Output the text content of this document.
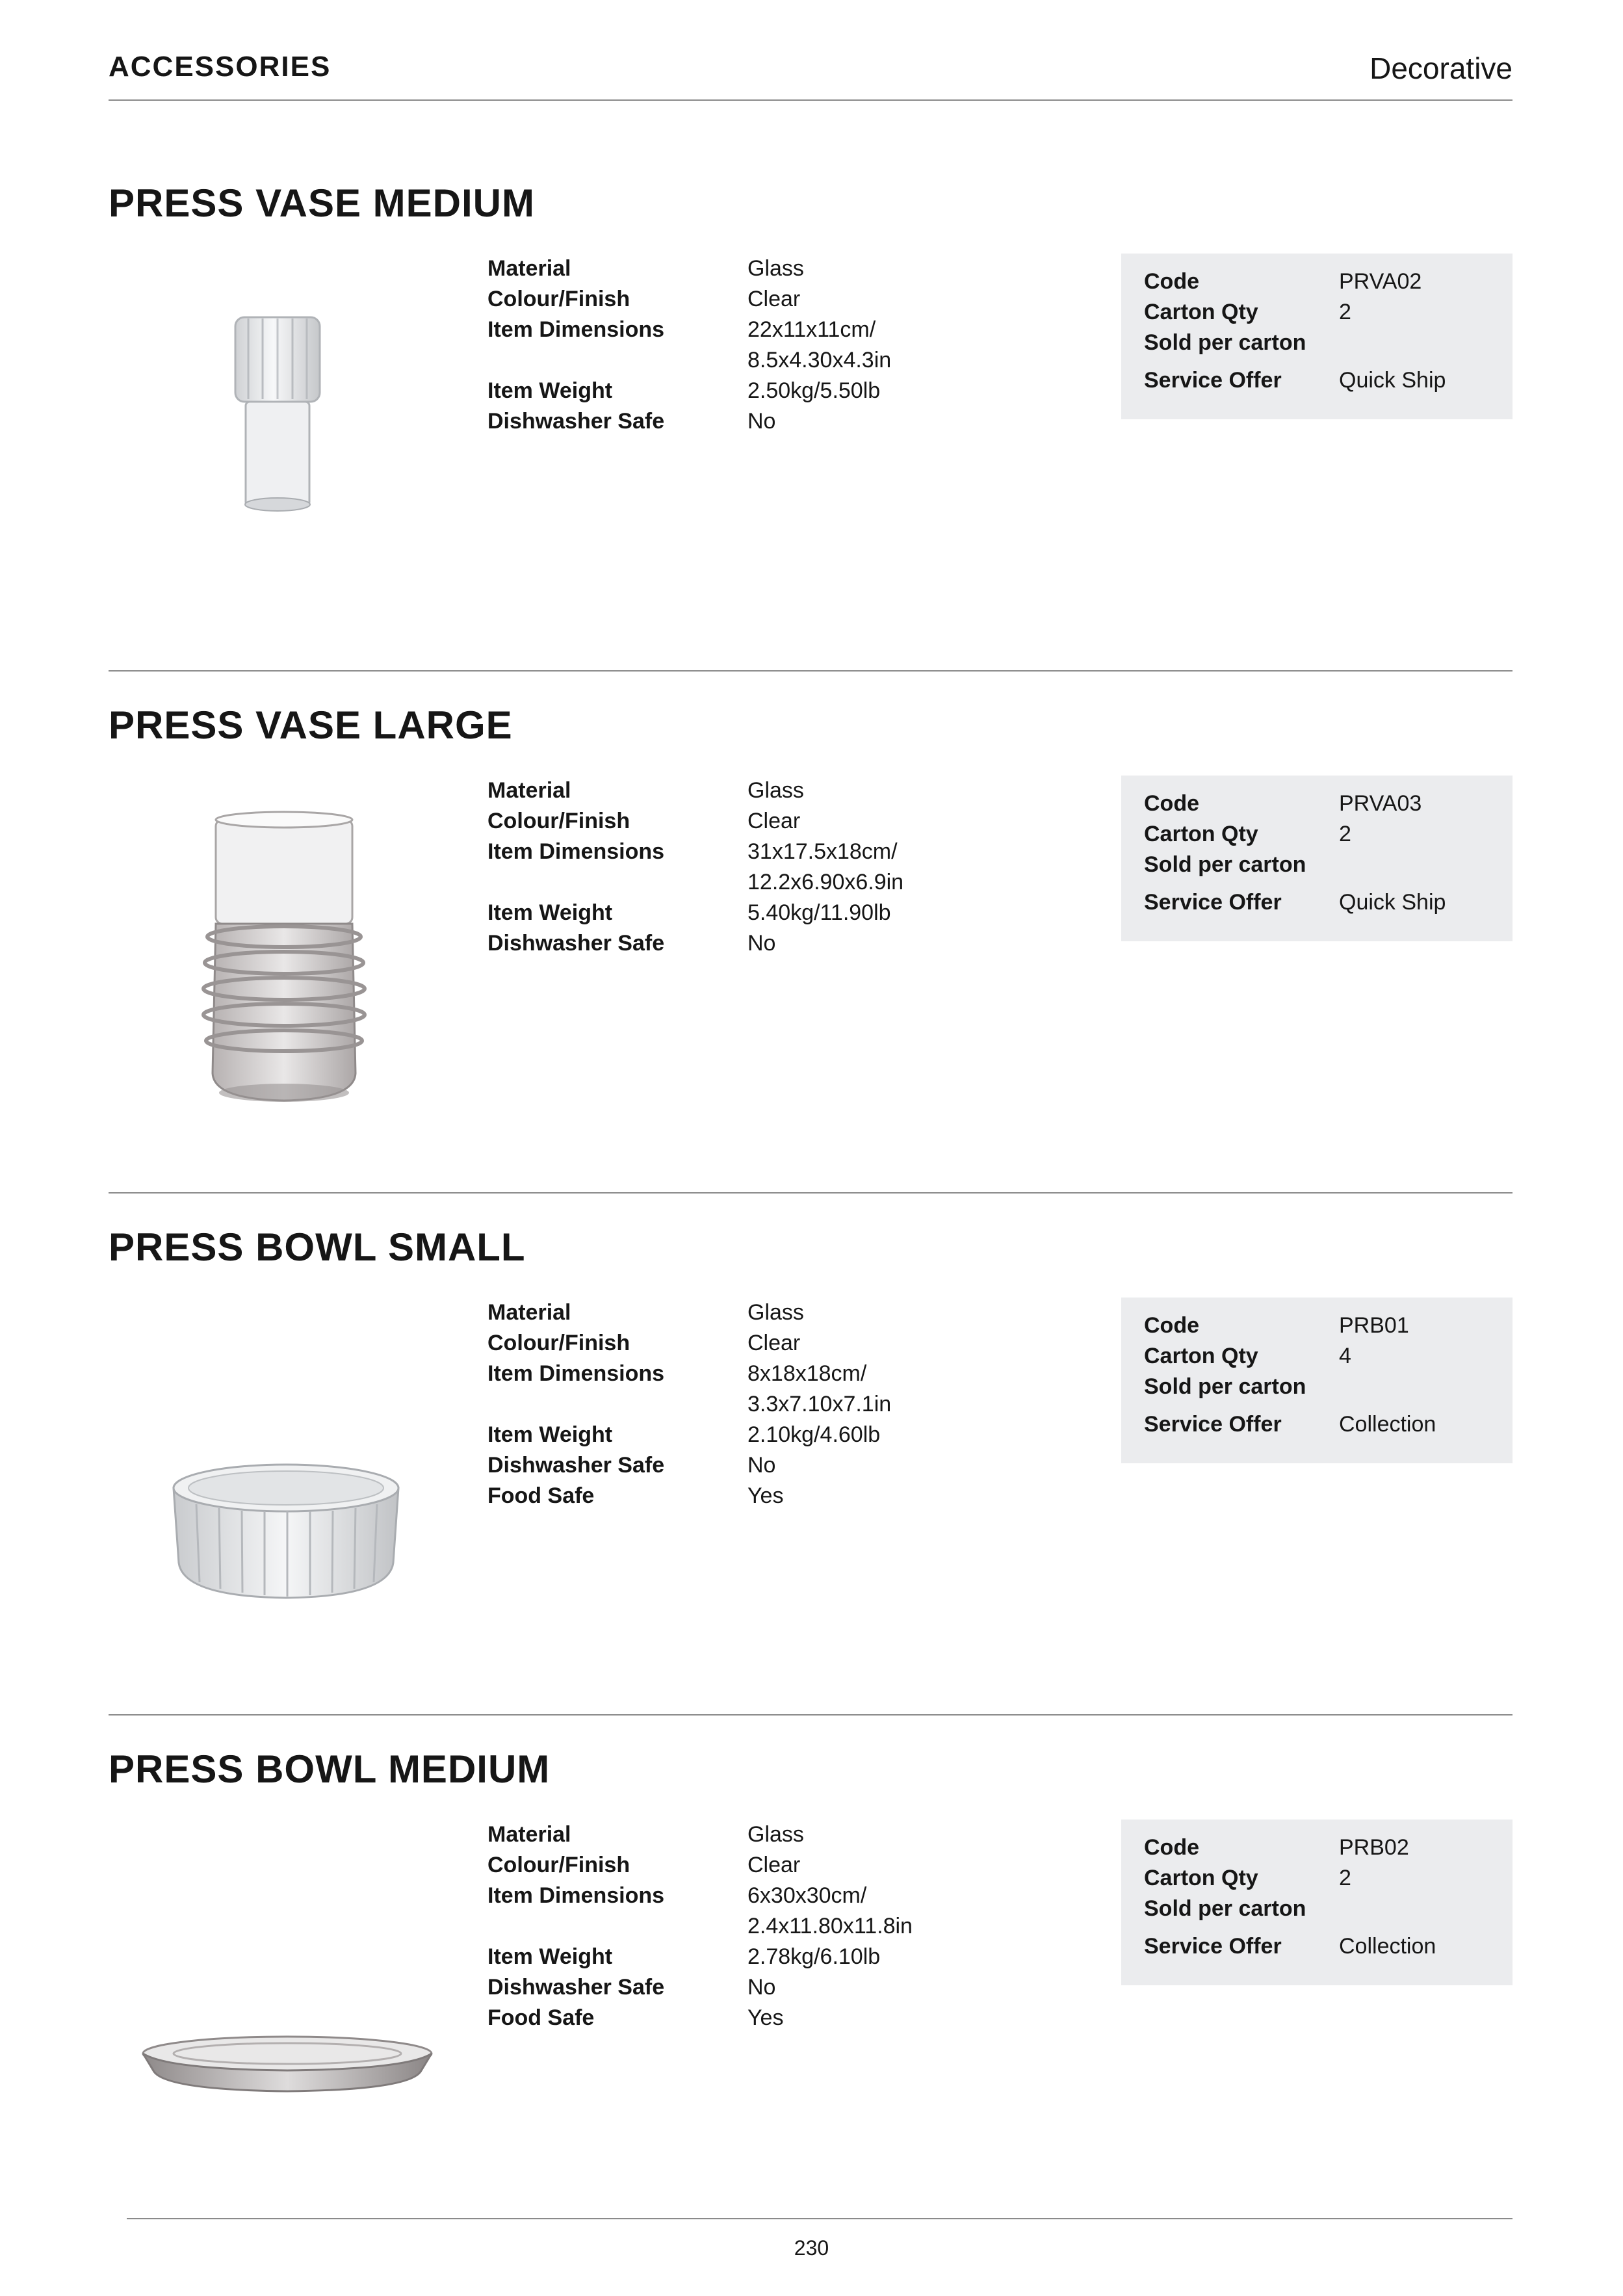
ACCESSORIES	Decorative
PRESS VASE MEDIUM
Material	Glass
Colour/Finish	Clear
Item Dimensions	22x11x11cm/
8.5x4.30x4.3in
Item Weight	2.50kg/5.50lb
Dishwasher Safe	No
Code	PRVA02
Carton Qty	2
Sold per carton
Service Offer	Quick Ship
PRESS VASE LARGE
Material	Glass
Colour/Finish	Clear
Item Dimensions	31x17.5x18cm/
12.2x6.90x6.9in
Item Weight	5.40kg/11.90lb
Dishwasher Safe	No
Code	PRVA03
Carton Qty	2
Sold per carton
Service Offer	Quick Ship
PRESS BOWL SMALL
Material	Glass
Colour/Finish	Clear
Item Dimensions	8x18x18cm/
3.3x7.10x7.1in
Item Weight	2.10kg/4.60lb
Dishwasher Safe	No
Food Safe	Yes
Code	PRB01
Carton Qty	4
Sold per carton
Service Offer	Collection
PRESS BOWL MEDIUM
Material	Glass
Colour/Finish	Clear
Item Dimensions	6x30x30cm/
2.4x11.80x11.8in
Item Weight	2.78kg/6.10lb
Dishwasher Safe	No
Food Safe	Yes
Code	PRB02
Carton Qty	2
Sold per carton
Service Offer	Collection
230
